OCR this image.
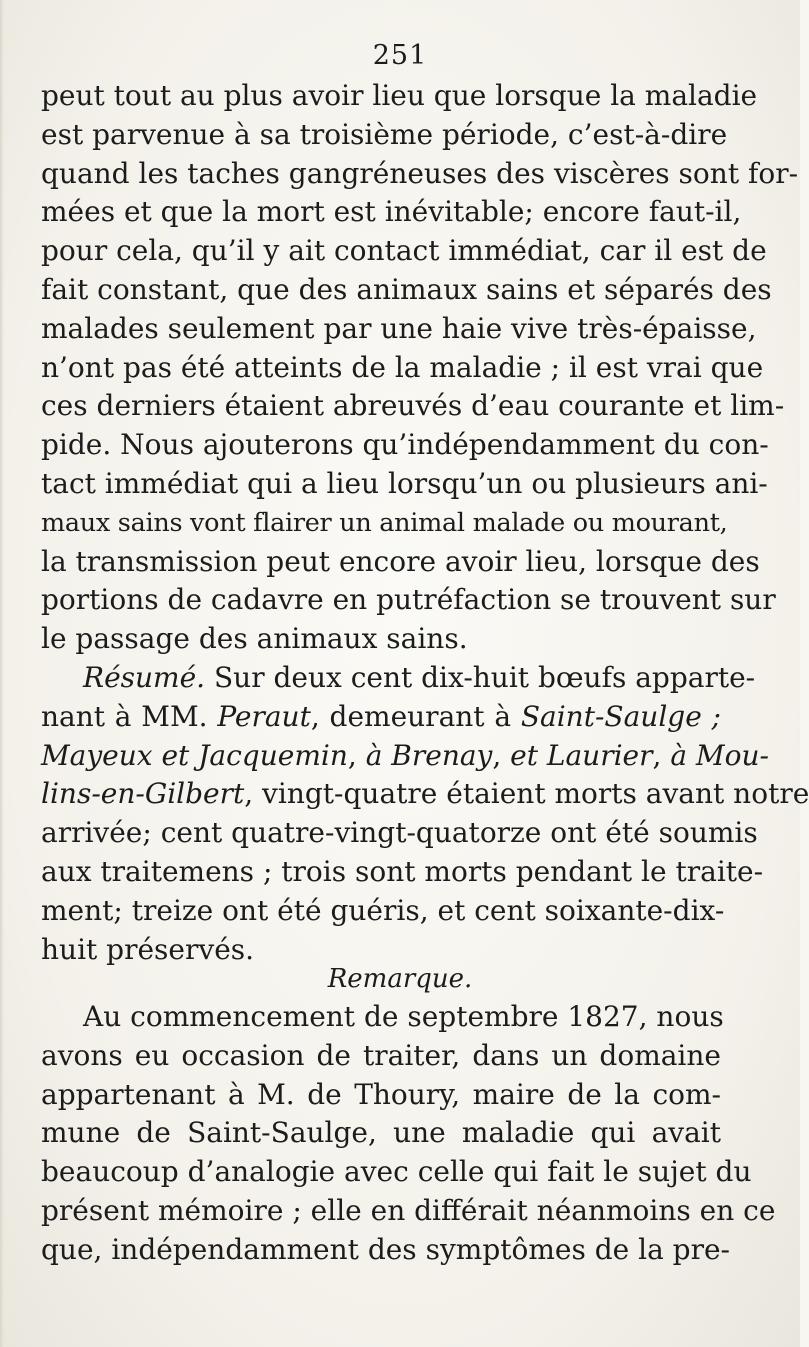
251
peut tout au plus avoir lieu que lorsque la maladie
est parvenue à sa troisième période, c’est-à-dire
quand les taches gangréneuses des viscères sont for-
mées et que la mort est inévitable; encore faut-il,
pour cela, qu’il y ait contact immédiat, car il est de
fait constant, que des animaux sains et séparés des
malades seulement par une haie vive très-épaisse,
n’ont pas été atteints de la maladie ; il est vrai que
ces derniers étaient abreuvés d’eau courante et lim-
pide. Nous ajouterons qu’indépendamment du con-
tact immédiat qui a lieu lorsqu’un ou plusieurs ani-
maux sains vont flairer un animal malade ou mourant,
la transmission peut encore avoir lieu, lorsque des
portions de cadavre en putréfaction se trouvent sur
le passage des animaux sains.
Résumé. Sur deux cent dix-huit bœufs apparte-
nant à MM. Peraut, demeurant à Saint-Saulge ;
Mayeux et Jacquemin, à Brenay, et Laurier, à Mou-
lins-en-Gilbert, vingt-quatre étaient morts avant notre
arrivée; cent quatre-vingt-quatorze ont été soumis
aux traitemens ; trois sont morts pendant le traite-
ment; treize ont été guéris, et cent soixante-dix-
huit préservés.
Remarque.
Au commencement de septembre 1827, nous
avons eu occasion de traiter, dans un domaine
appartenant à M. de Thoury, maire de la com-
mune de Saint-Saulge, une maladie qui avait
beaucoup d’analogie avec celle qui fait le sujet du
présent mémoire ; elle en différait néanmoins en ce
que, indépendamment des symptômes de la pre-
